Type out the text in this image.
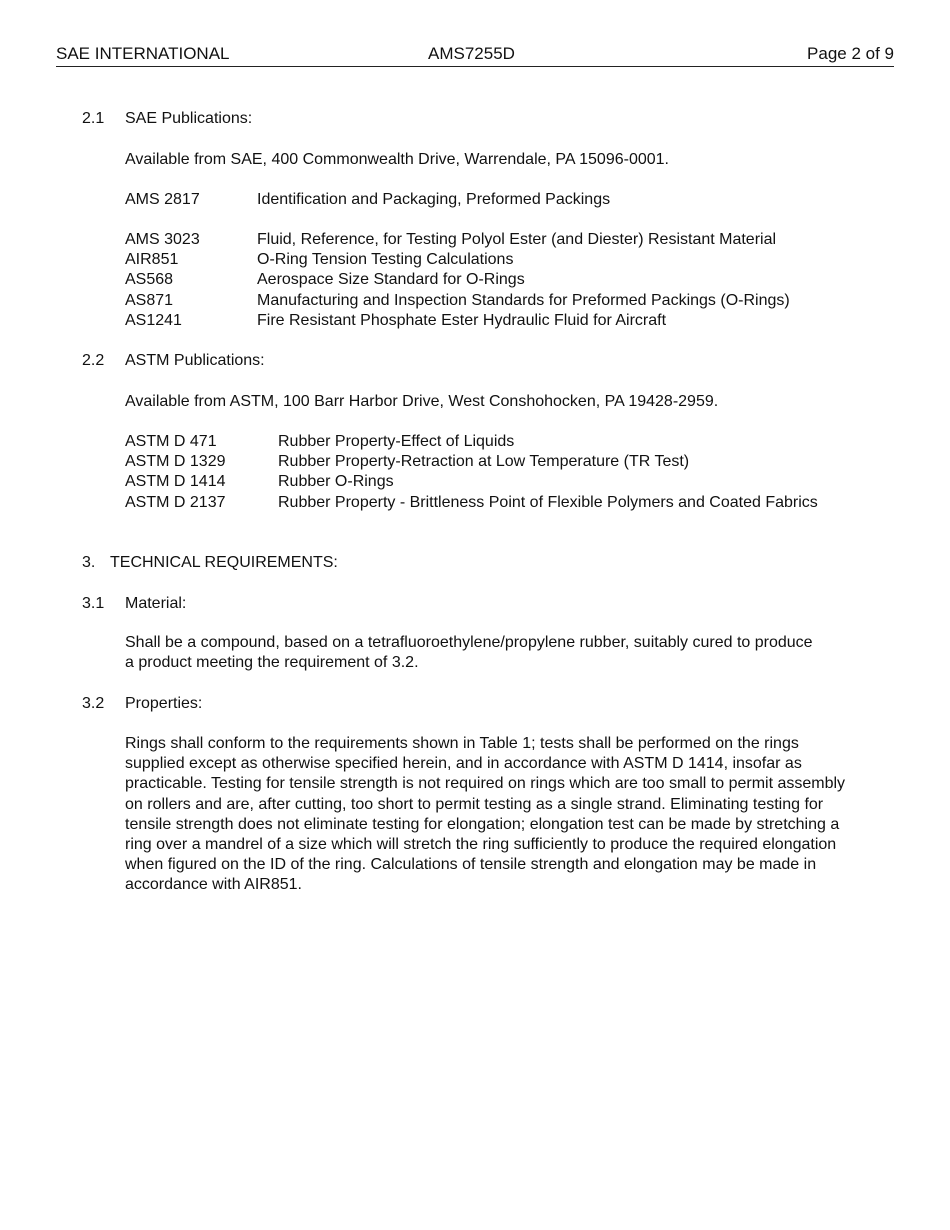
SAE INTERNATIONAL	AMS7255D	Page 2 of 9
2.1 SAE Publications:
Available from SAE, 400 Commonwealth Drive, Warrendale, PA 15096-0001.
AMS 2817	Identification and Packaging, Preformed Packings
AMS 3023	Fluid, Reference, for Testing Polyol Ester (and Diester) Resistant Material
AIR851	O-Ring Tension Testing Calculations
AS568	Aerospace Size Standard for O-Rings
AS871	Manufacturing and Inspection Standards for Preformed Packings (O-Rings)
AS1241	Fire Resistant Phosphate Ester Hydraulic Fluid for Aircraft
2.2 ASTM Publications:
Available from ASTM, 100 Barr Harbor Drive, West Conshohocken, PA 19428-2959.
ASTM D 471	Rubber Property-Effect of Liquids
ASTM D 1329	Rubber Property-Retraction at Low Temperature (TR Test)
ASTM D 1414	Rubber O-Rings
ASTM D 2137	Rubber Property - Brittleness Point of Flexible Polymers and Coated Fabrics
3. TECHNICAL REQUIREMENTS:
3.1 Material:
Shall be a compound, based on a tetrafluoroethylene/propylene rubber, suitably cured to produce a product meeting the requirement of 3.2.
3.2 Properties:
Rings shall conform to the requirements shown in Table 1; tests shall be performed on the rings supplied except as otherwise specified herein, and in accordance with ASTM D 1414, insofar as practicable. Testing for tensile strength is not required on rings which are too small to permit assembly on rollers and are, after cutting, too short to permit testing as a single strand. Eliminating testing for tensile strength does not eliminate testing for elongation; elongation test can be made by stretching a ring over a mandrel of a size which will stretch the ring sufficiently to produce the required elongation when figured on the ID of the ring. Calculations of tensile strength and elongation may be made in accordance with AIR851.
